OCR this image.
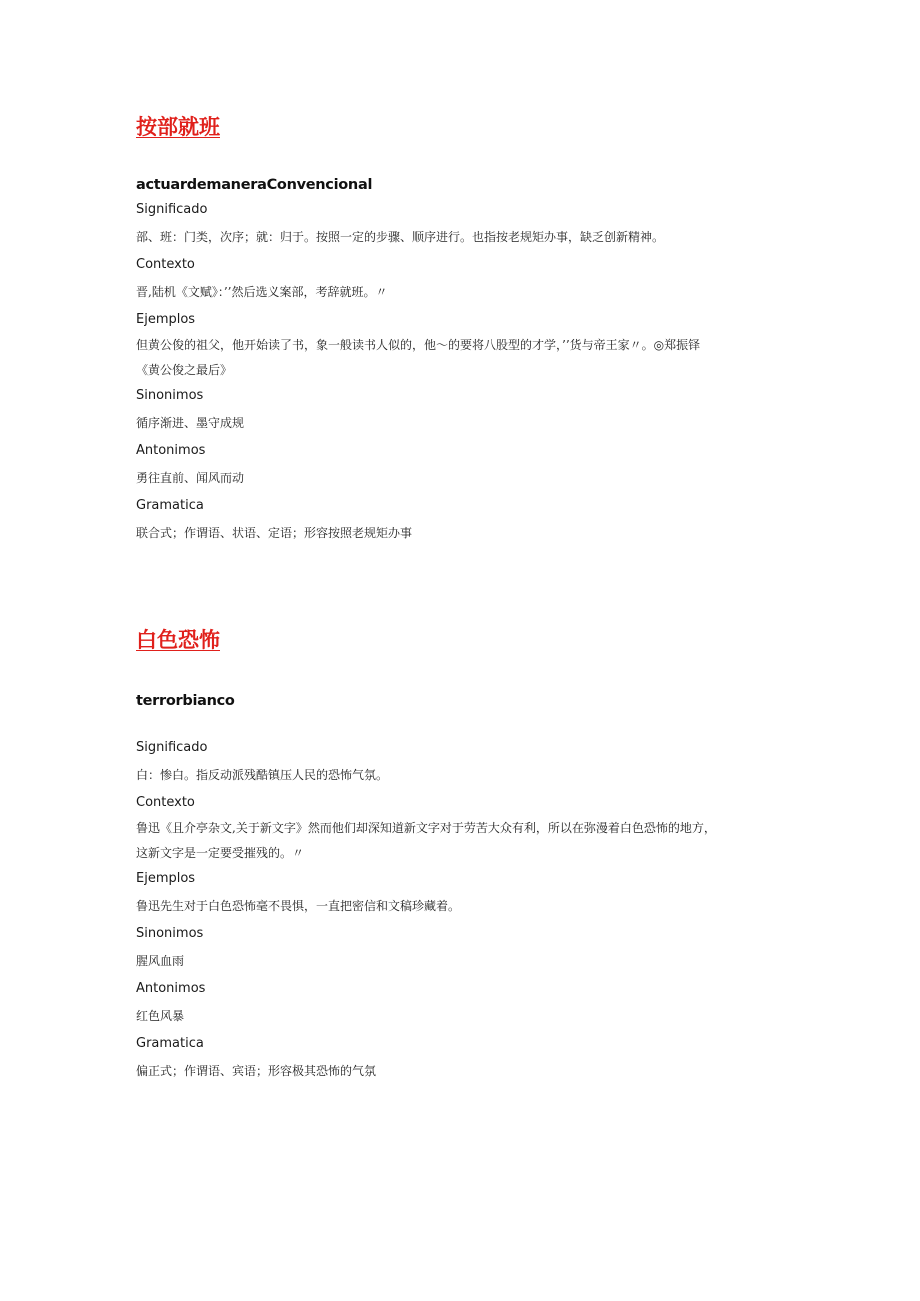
按部就班

actuardemaneraConvencional

Significado

部、班：门类，次序；就：归于。按照一定的步骤、顺序进行。也指按老规矩办事，缺乏创新精神。

Contexto

晋,陆机《文赋》：’’然后选义案部，考辞就班。〃

Ejemplos

但黄公俊的祖父，他开始读了书，象一般读书人似的，他～的要将八股型的才学，’’货与帝王家〃。◎郑振铎

《黄公俊之最后》

Sinonimos

循序渐进、墨守成规

Antonimos

勇往直前、闻风而动

Gramatica

联合式；作谓语、状语、定语；形容按照老规矩办事

白色恐怖

terrorbianco

Significado

白：惨白。指反动派残酷镇压人民的恐怖气氛。

Contexto

鲁迅《且介亭杂文,关于新文字》然而他们却深知道新文字对于劳苦大众有利，所以在弥漫着白色恐怖的地方，

这新文字是一定要受摧残的。〃

Ejemplos

鲁迅先生对于白色恐怖毫不畏惧，一直把密信和文稿珍藏着。

Sinonimos

腥风血雨

Antonimos

红色风暴

Gramatica

偏正式；作谓语、宾语；形容极其恐怖的气氛
